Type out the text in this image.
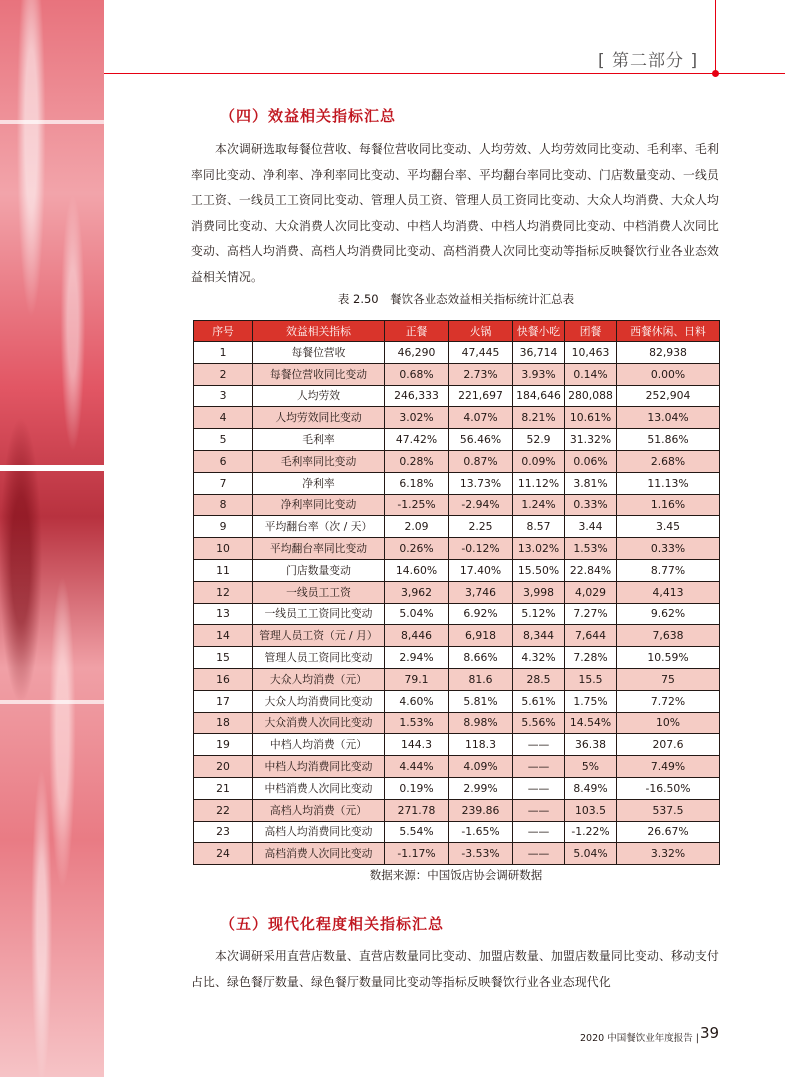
[ 第二部分 ]
（四）效益相关指标汇总

本次调研选取每餐位营收、每餐位营收同比变动、人均劳效、人均劳效同比变动、毛利率、毛利率同比变动、净利率、净利率同比变动、平均翻台率、平均翻台率同比变动、门店数量变动、一线员工工资、一线员工工资同比变动、管理人员工资、管理人员工资同比变动、大众人均消费、大众人均消费同比变动、大众消费人次同比变动、中档人均消费、中档人均消费同比变动、中档消费人次同比变动、高档人均消费、高档人均消费同比变动、高档消费人次同比变动等指标反映餐饮行业各业态效益相关情况。

表 2.50　餐饮各业态效益相关指标统计汇总表
序号	效益相关指标	正餐	火锅	快餐小吃	团餐	西餐休闲、日料
1	每餐位营收	46,290	47,445	36,714	10,463	82,938
2	每餐位营收同比变动	0.68%	2.73%	3.93%	0.14%	0.00%
3	人均劳效	246,333	221,697	184,646	280,088	252,904
4	人均劳效同比变动	3.02%	4.07%	8.21%	10.61%	13.04%
5	毛利率	47.42%	56.46%	52.9	31.32%	51.86%
6	毛利率同比变动	0.28%	0.87%	0.09%	0.06%	2.68%
7	净利率	6.18%	13.73%	11.12%	3.81%	11.13%
8	净利率同比变动	-1.25%	-2.94%	1.24%	0.33%	1.16%
9	平均翻台率（次 / 天）	2.09	2.25	8.57	3.44	3.45
10	平均翻台率同比变动	0.26%	-0.12%	13.02%	1.53%	0.33%
11	门店数量变动	14.60%	17.40%	15.50%	22.84%	8.77%
12	一线员工工资	3,962	3,746	3,998	4,029	4,413
13	一线员工工资同比变动	5.04%	6.92%	5.12%	7.27%	9.62%
14	管理人员工资（元 / 月）	8,446	6,918	8,344	7,644	7,638
15	管理人员工资同比变动	2.94%	8.66%	4.32%	7.28%	10.59%
16	大众人均消费（元）	79.1	81.6	28.5	15.5	75
17	大众人均消费同比变动	4.60%	5.81%	5.61%	1.75%	7.72%
18	大众消费人次同比变动	1.53%	8.98%	5.56%	14.54%	10%
19	中档人均消费（元）	144.3	118.3	——	36.38	207.6
20	中档人均消费同比变动	4.44%	4.09%	——	5%	7.49%
21	中档消费人次同比变动	0.19%	2.99%	——	8.49%	-16.50%
22	高档人均消费（元）	271.78	239.86	——	103.5	537.5
23	高档人均消费同比变动	5.54%	-1.65%	——	-1.22%	26.67%
24	高档消费人次同比变动	-1.17%	-3.53%	——	5.04%	3.32%
数据来源：中国饭店协会调研数据
（五）现代化程度相关指标汇总

本次调研采用直营店数量、直营店数量同比变动、加盟店数量、加盟店数量同比变动、移动支付占比、绿色餐厅数量、绿色餐厅数量同比变动等指标反映餐饮行业各业态现代化

2020 中国餐饮业年度报告 | 39
